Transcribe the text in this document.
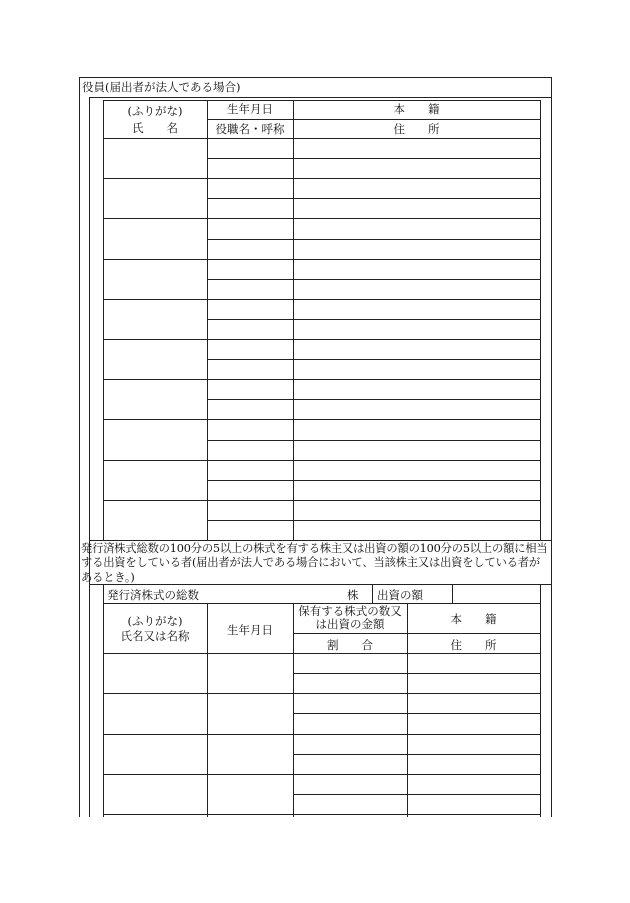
役員(届出者が法人である場合)
(ふりがな)
氏　　名
生年月日
役職名・呼称
本　　籍
住　　所
発行済株式総数の100分の5以上の株式を有する株主又は出資の額の100分の5以上の額に相当する出資をしている者(届出者が法人である場合において、当該株主又は出資をしている者があるとき。)
発行済株式の総数	株 出資の額
(ふりがな)
氏名又は名称	生年月日
保有する株式の数又は出資の金額
割　　合
本　　籍
住　　所
